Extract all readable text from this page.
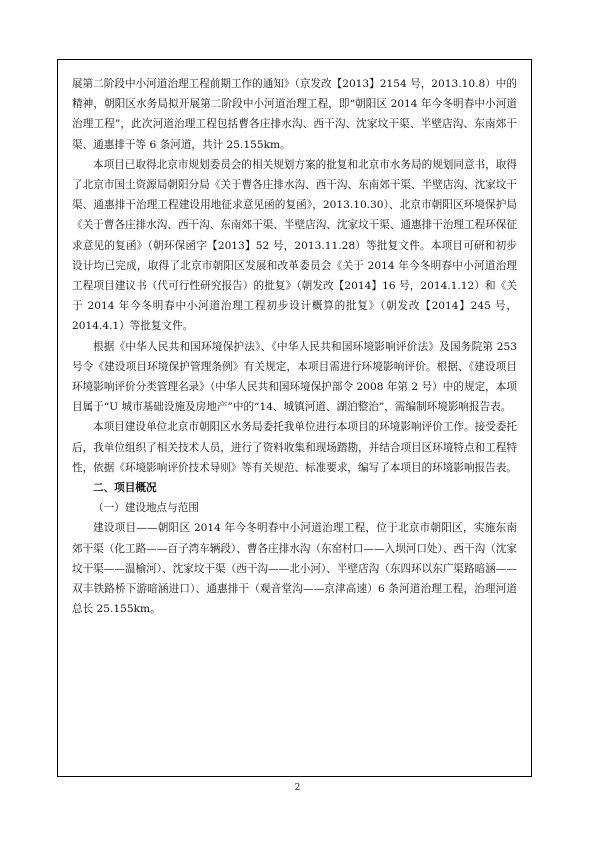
展第二阶段中小河道治理工程前期工作的通知》（京发改【2013】2154 号，2013.10.8）中的精神，朝阳区水务局拟开展第二阶段中小河道治理工程，即“朝阳区 2014 年今冬明春中小河道治理工程”，此次河道治理工程包括曹各庄排水沟、西干沟、沈家坟干渠、半壁店沟、东南郊干渠、通惠排干等 6 条河道，共计 25.155km。

本项目已取得北京市规划委员会的相关规划方案的批复和北京市水务局的规划同意书，取得了北京市国土资源局朝阳分局《关于曹各庄排水沟、西干沟、东南郊干渠、半壁店沟、沈家坟干渠、通惠排干治理工程建设用地征求意见函的复函》，2013.10.30）、北京市朝阳区环境保护局《关于曹各庄排水沟、西干沟、东南郊干渠、半壁店沟、沈家坟干渠、通惠排干治理工程环保征求意见的复函》（朝环保函字【2013】52 号，2013.11.28）等批复文件。本项目可研和初步设计均已完成，取得了北京市朝阳区发展和改革委员会《关于 2014 年今冬明春中小河道治理工程项目建议书（代可行性研究报告）的批复》（朝发改【2014】16 号，2014.1.12）和《关于 2014 年今冬明春中小河道治理工程初步设计概算的批复》（朝发改【2014】245 号，2014.4.1）等批复文件。

根据《中华人民共和国环境保护法》、《中华人民共和国环境影响评价法》及国务院第 253 号令《建设项目环境保护管理条例》有关规定，本项目需进行环境影响评价。根据、《建设项目环境影响评价分类管理名录》（中华人民共和国环境保护部令 2008 年第 2 号）中的规定，本项目属于“U 城市基础设施及房地产”中的“14、城镇河道、湖泊整治”，需编制环境影响报告表。

本项目建设单位北京市朝阳区水务局委托我单位进行本项目的环境影响评价工作。接受委托后，我单位组织了相关技术人员，进行了资料收集和现场踏勘，并结合项目区环境特点和工程特性，依据《环境影响评价技术导则》等有关规范、标准要求，编写了本项目的环境影响报告表。

二、项目概况

（一）建设地点与范围

建设项目——朝阳区 2014 年今冬明春中小河道治理工程，位于北京市朝阳区，实施东南郊干渠（化工路——百子湾车辆段）、曹各庄排水沟（东窑村口——入坝河口处）、西干沟（沈家坟干渠——温榆河）、沈家坟干渠（西干沟——北小河）、半壁店沟（东四环以东广渠路暗涵——双丰铁路桥下游暗涵进口）、通惠排干（观音堂沟——京津高速）6 条河道治理工程，治理河道总长 25.155km。

2
